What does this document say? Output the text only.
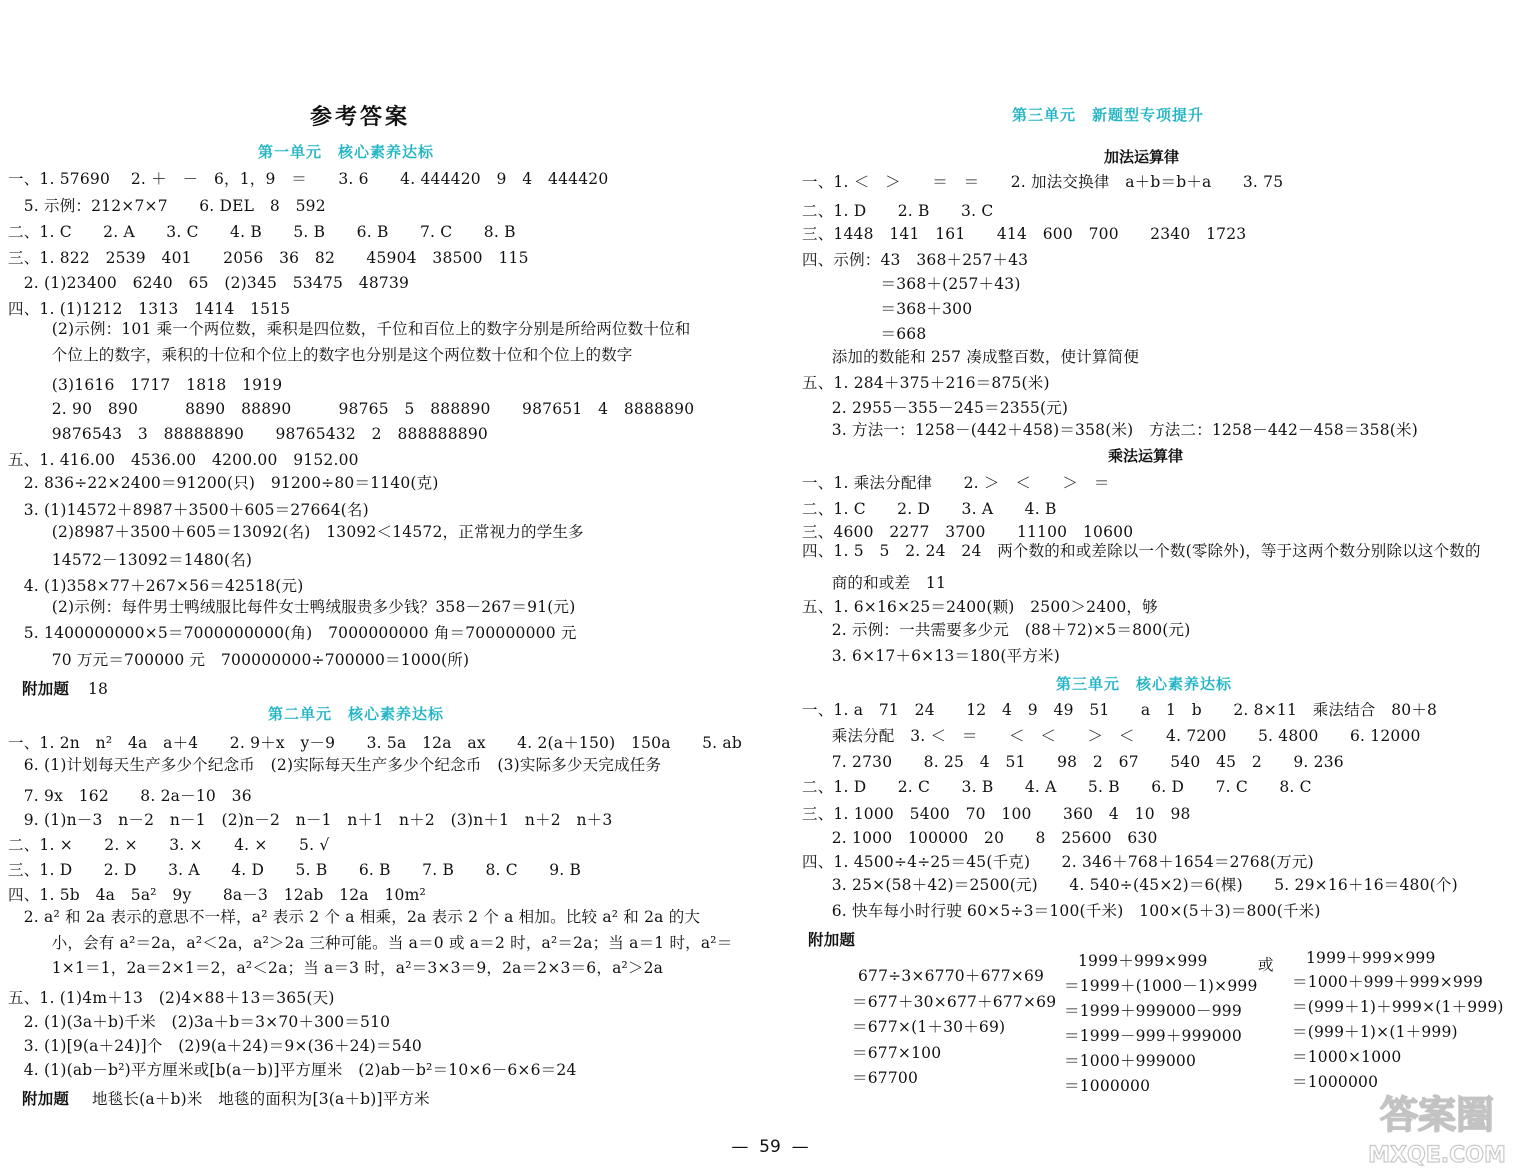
参考答案
第一单元　核心素养达标
一、1. 57690　 2. ＋　－　6，1，9　＝　　3. 6　　4. 444420　9　4　444420
　5. 示例：212×7×7　　6. DEL　8　592
二、1. C　　2. A　　3. C　　4. B　　5. B　　6. B　　7. C　　8. B
三、1. 822　2539　401　　2056　36　82　　45904　38500　115
　2. (1)23400　6240　65　(2)345　53475　48739
四、1. (1)1212　1313　1414　1515
　(2)示例：101 乘一个两位数，乘积是四位数，千位和百位上的数字分别是所给两位数十位和
　个位上的数字，乘积的十位和个位上的数字也分别是这个两位数十位和个位上的数字
　(3)1616　1717　1818　1919
　2. 90　890　　　8890　88890　　　98765　5　888890　　987651　4　8888890
　9876543　3　88888890　　98765432　2　888888890
五、1. 416.00　4536.00　4200.00　9152.00
　2. 836÷22×2400＝91200(只)　91200÷80＝1140(克)
　3. (1)14572＋8987＋3500＋605＝27664(名)
　(2)8987＋3500＋605＝13092(名)　13092＜14572，正常视力的学生多
　14572－13092＝1480(名)
　4. (1)358×77＋267×56＝42518(元)
　(2)示例：每件男士鸭绒服比每件女士鸭绒服贵多少钱？358－267＝91(元)
　5. 1400000000×5＝7000000000(角)　7000000000 角＝700000000 元
　70 万元＝700000 元　700000000÷700000＝1000(所)
附加题 18
第二单元　核心素养达标
一、1. 2n　n²　4a　a＋4　　2. 9＋x　y－9　　3. 5a　12a　ax　　4. 2(a＋150)　150a　　5. ab
　6. (1)计划每天生产多少个纪念币　(2)实际每天生产多少个纪念币　(3)实际多少天完成任务
　7. 9x　162　　8. 2a－10　36
　9. (1)n－3　n－2　n－1　(2)n－2　n－1　n＋1　n＋2　(3)n＋1　n＋2　n＋3
二、1. ×　　2. ×　　3. ×　　4. ×　　5. √
三、1. D　　2. D　　3. A　　4. D　　5. B　　6. B　　7. B　　8. C　　9. B
四、1. 5b　4a　5a²　9y　　8a－3　12ab　12a　10m²
　2. a² 和 2a 表示的意思不一样，a² 表示 2 个 a 相乘，2a 表示 2 个 a 相加。比较 a² 和 2a 的大
　小，会有 a²＝2a，a²＜2a，a²＞2a 三种可能。当 a＝0 或 a＝2 时，a²＝2a；当 a＝1 时，a²＝
　1×1＝1，2a＝2×1＝2，a²＜2a；当 a＝3 时，a²＝3×3＝9，2a＝2×3＝6，a²＞2a
五、1. (1)4m＋13　(2)4×88＋13＝365(天)
　2. (1)(3a＋b)千米　(2)3a＋b＝3×70＋300＝510
　3. (1)[9(a＋24)]个　(2)9(a＋24)＝9×(36＋24)＝540
　4. (1)(ab－b²)平方厘米或[b(a－b)]平方厘米　(2)ab－b²＝10×6－6×6＝24
附加题 地毯长(a＋b)米　地毯的面积为[3(a＋b)]平方米
第三单元　新题型专项提升
加法运算律
一、1. ＜　＞　　＝　＝　　2. 加法交换律　a＋b＝b＋a　　3. 75
二、1. D　　2. B　　3. C
三、1448　141　161　　414　600　700　　2340　1723
四、示例：43　368＋257＋43
　　　　　＝368＋(257＋43)
　　　　　＝368＋300
　　　　　＝668
　添加的数能和 257 凑成整百数，使计算简便
五、1. 284＋375＋216＝875(米)
　2. 2955－355－245＝2355(元)
　3. 方法一：1258－(442＋458)＝358(米)　方法二：1258－442－458＝358(米)
乘法运算律
一、1. 乘法分配律　　2. ＞　＜　　＞　＝
二、1. C　　2. D　　3. A　　4. B
三、4600　2277　3700　　11100　10600
四、1. 5　5　2. 24　24　两个数的和或差除以一个数(零除外)，等于这两个数分别除以这个数的
　商的和或差　11
五、1. 6×16×25＝2400(颗)　2500＞2400，够
　2. 示例：一共需要多少元　(88＋72)×5＝800(元)
　3. 6×17＋6×13＝180(平方米)
第三单元　核心素养达标
一、1. a　71　24　　12　4　9　49　51　　a　1　b　　2. 8×11　乘法结合　80＋8
　乘法分配　3. ＜　＝　　＜　＜　　＞　＜　　4. 7200　　5. 4800　　6. 12000
　7. 2730　　8. 25　4　51　　98　2　67　　540　45　2　　9. 236
二、1. D　　2. C　　3. B　　4. A　　5. B　　6. D　　7. C　　8. C
三、1. 1000　5400　70　100　　360　4　10　98
　2. 1000　100000　20　　8　25600　630
四、1. 4500÷4÷25＝45(千克)　　2. 346＋768＋1654＝2768(万元)
　3. 25×(58＋42)＝2500(元)　　4. 540÷(45×2)＝6(棵)　　5. 29×16＋16＝480(个)
　6. 快车每小时行驶 60×5÷3＝100(千米)　100×(5＋3)＝800(千米)
附加题
677÷3×6770＋677×69
＝677＋30×677＋677×69
＝677×(1＋30＋69)
＝677×100
＝67700
1999＋999×999
＝1999＋(1000－1)×999
＝1999＋999000－999
＝1999－999＋999000
＝1000＋999000
＝1000000
或 1999＋999×999
＝1000＋999＋999×999
＝(999＋1)＋999×(1＋999)
＝(999＋1)×(1＋999)
＝1000×1000
＝1000000
—  59  —
答案圈
MXQE.COM
